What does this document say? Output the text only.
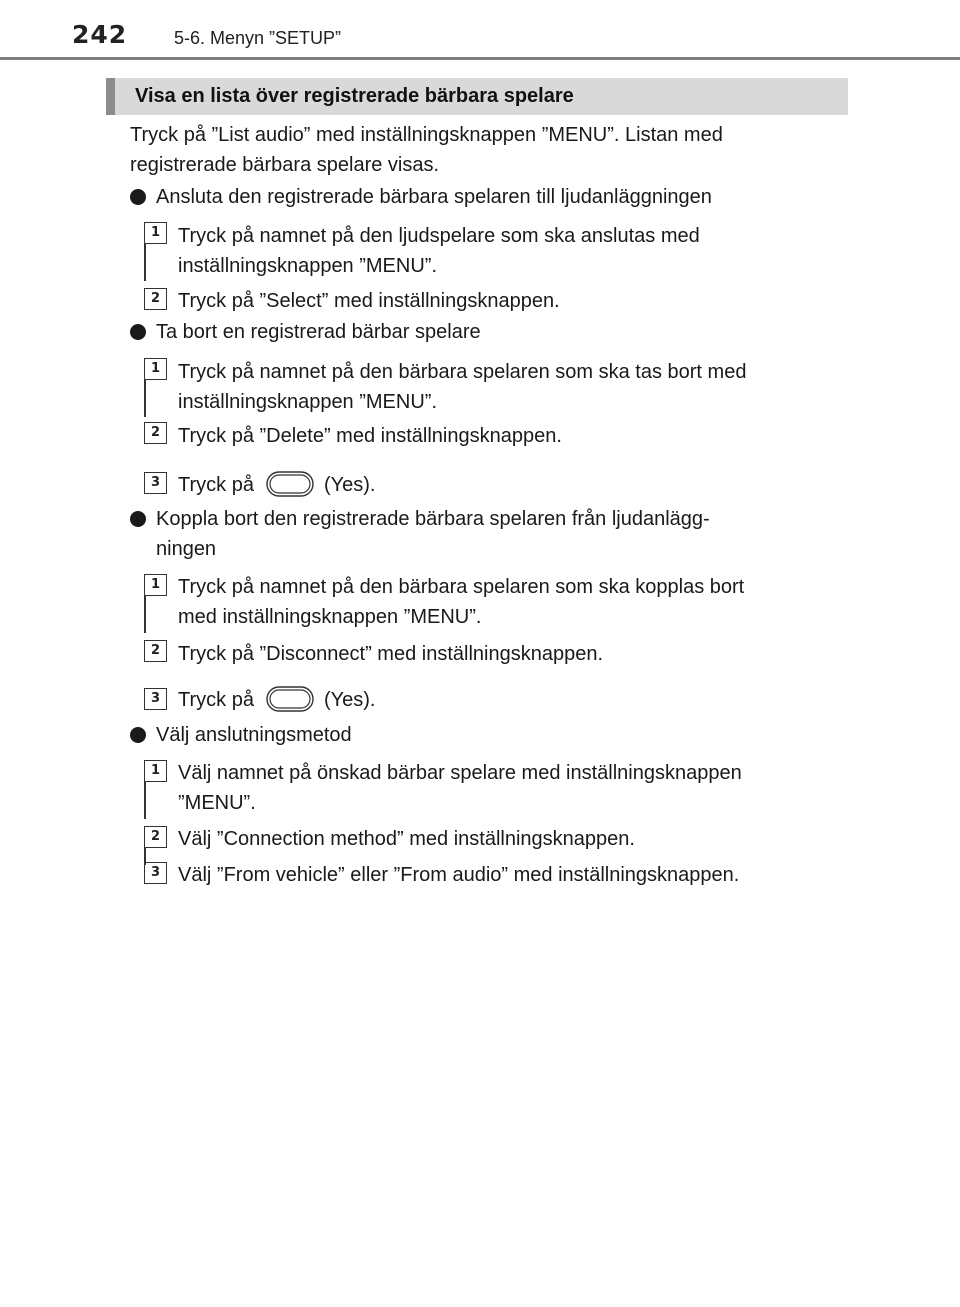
242	5-6. Menyn ”SETUP”
Visa en lista över registrerade bärbara spelare
Tryck på ”List audio” med inställningsknappen ”MENU”. Listan med
registrerade bärbara spelare visas.
Ansluta den registrerade bärbara spelaren till ljudanläggningen
1 Tryck på namnet på den ljudspelare som ska anslutas med
inställningsknappen ”MENU”.
2 Tryck på ”Select” med inställningsknappen.
Ta bort en registrerad bärbar spelare
1 Tryck på namnet på den bärbara spelaren som ska tas bort med
inställningsknappen ”MENU”.
2 Tryck på ”Delete” med inställningsknappen.
3 Tryck på	(Yes).
Koppla bort den registrerade bärbara spelaren från ljudanlägg-
ningen
1 Tryck på namnet på den bärbara spelaren som ska kopplas bort
med inställningsknappen ”MENU”.
2 Tryck på ”Disconnect” med inställningsknappen.
3 Tryck på	(Yes).
Välj anslutningsmetod
1 Välj namnet på önskad bärbar spelare med inställningsknappen
”MENU”.
2 Välj ”Connection method” med inställningsknappen.
3 Välj ”From vehicle” eller ”From audio” med inställningsknappen.
